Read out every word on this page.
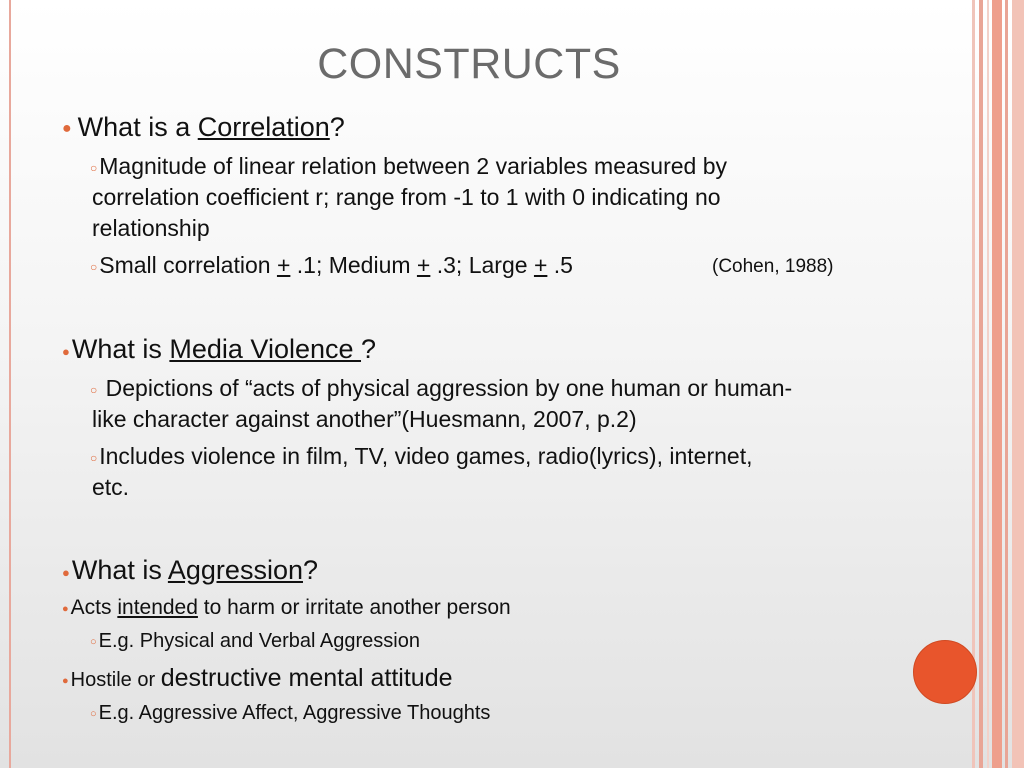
CONSTRUCTS
● What is a Correlation?
○Magnitude of linear relation between 2 variables measured by
correlation coefficient r; range from -1 to 1 with 0 indicating no
relationship
○Small correlation + .1; Medium + .3; Large + .5	(Cohen, 1988)
●What is Media Violence ?
○ Depictions of “acts of physical aggression by one human or human-
like character against another”(Huesmann, 2007, p.2)
○Includes violence in film, TV, video games, radio(lyrics), internet,
etc.
●What is Aggression?
●Acts intended to harm or irritate another person
○ E.g. Physical and Verbal Aggression
● Hostile or destructive mental attitude
○ E.g. Aggressive Affect, Aggressive Thoughts
